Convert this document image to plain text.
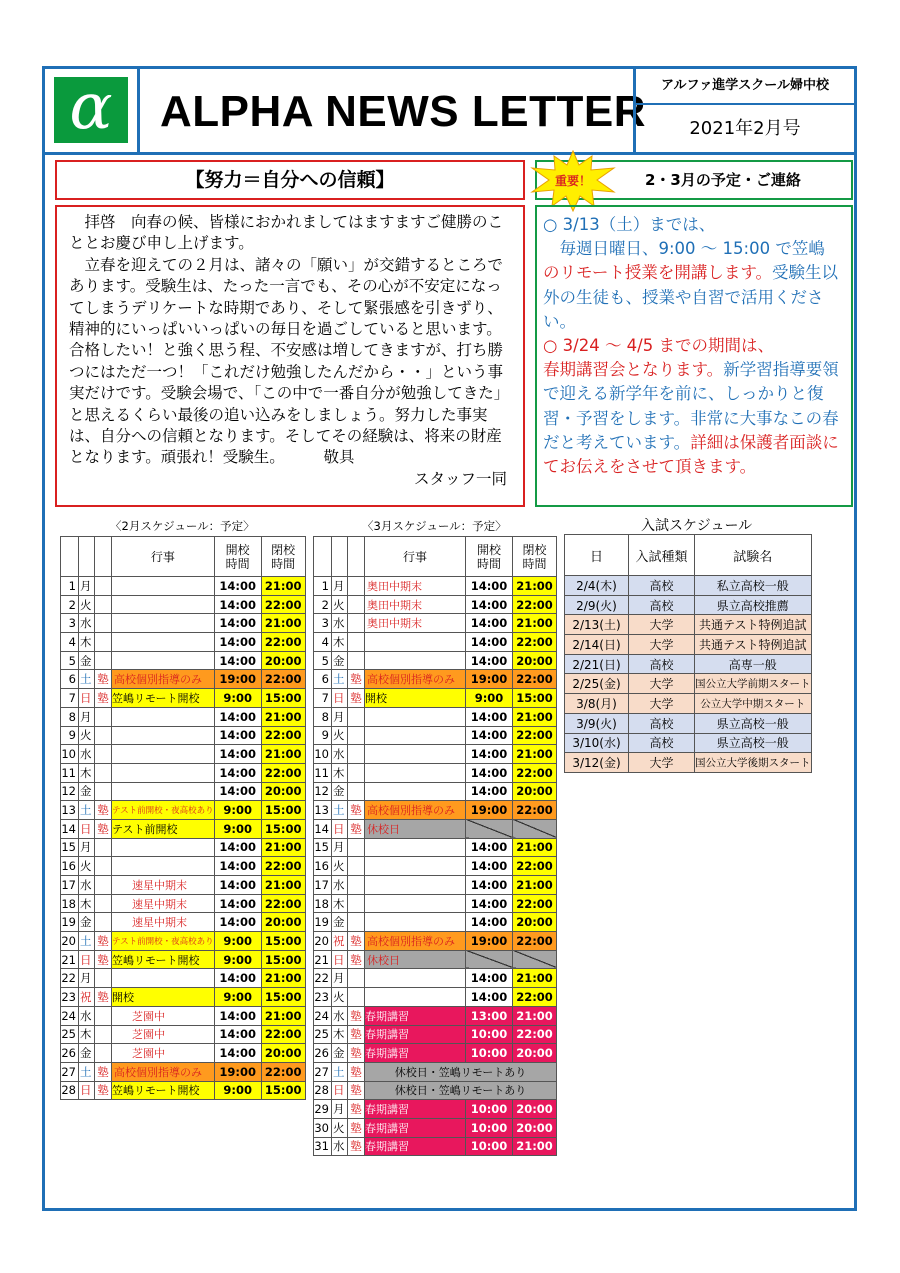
α	ALPHA NEWS LETTER
アルファ進学スクール婦中校
2021年2月号
【努力＝自分への信頼】

拝啓　向春の候、皆様におかれましてはますますご健勝のこととお慶び申し上げます。

立春を迎えての２月は、諸々の「願い」が交錯するところであります。受験生は、たった一言でも、その心が不安定になってしまうデリケートな時期であり、そして緊張感を引きずり、精神的にいっぱいいっぱいの毎日を過ごしていると思います。合格したい！と強く思う程、不安感は増してきますが、打ち勝つにはただ一つ！「これだけ勉強したんだから・・」という事実だけです。受験会場で、「この中で一番自分が勉強してきた」と思えるくらい最後の追い込みをしましょう。努力した事実は、自分への信頼となります。そしてその経験は、将来の財産となります。頑張れ！受験生。　　　敬具

スタッフ一同

2・3月の予定・ご連絡
重要！
○ 3/13（土）までは、
　毎週日曜日、9:00 ～ 15:00 で笠嶋
のリモート授業を開講します。受験生以外の生徒も、授業や自習で活用ください。
○ 3/24 ～ 4/5 までの期間は、
春期講習会となります。新学習指導要領で迎える新学年を前に、しっかりと復習・予習をします。非常に大事なこの春だと考えています。詳細は保護者面談にてお伝えをさせて頂きます。
〈2月スケジュール：予定〉	〈3月スケジュール：予定〉	入試スケジュール
			行事	開校
時間	閉校
時間
1	月			14:00	21:00
2	火			14:00	22:00
3	水			14:00	21:00
4	木			14:00	22:00
5	金			14:00	20:00
6	土	塾	高校個別指導のみ	19:00	22:00
7	日	塾	笠嶋リモート開校	9:00	15:00
8	月			14:00	21:00
9	火			14:00	22:00
10	水			14:00	21:00
11	木			14:00	22:00
12	金			14:00	20:00
13	土	塾	テスト前開校・夜高校あり	9:00	15:00
14	日	塾	テスト前開校	9:00	15:00
15	月			14:00	21:00
16	火			14:00	22:00
17	水		速星中期末	14:00	21:00
18	木		速星中期末	14:00	22:00
19	金		速星中期末	14:00	20:00
20	土	塾	テスト前開校・夜高校あり	9:00	15:00
21	日	塾	笠嶋リモート開校	9:00	15:00
22	月			14:00	21:00
23	祝	塾	開校	9:00	15:00
24	水		芝園中	14:00	21:00
25	木		芝園中	14:00	22:00
26	金		芝園中	14:00	20:00
27	土	塾	高校個別指導のみ	19:00	22:00
28	日	塾	笠嶋リモート開校	9:00	15:00
			行事	開校
時間	閉校
時間
1	月		奥田中期末	14:00	21:00
2	火		奥田中期末	14:00	22:00
3	水		奥田中期末	14:00	21:00
4	木			14:00	22:00
5	金			14:00	20:00
6	土	塾	高校個別指導のみ	19:00	22:00
7	日	塾	開校	9:00	15:00
8	月			14:00	21:00
9	火			14:00	22:00
10	水			14:00	21:00
11	木			14:00	22:00
12	金			14:00	20:00
13	土	塾	高校個別指導のみ	19:00	22:00
14	日	塾	休校日		
15	月			14:00	21:00
16	火			14:00	22:00
17	水			14:00	21:00
18	木			14:00	22:00
19	金			14:00	20:00
20	祝	塾	高校個別指導のみ	19:00	22:00
21	日	塾	休校日		
22	月			14:00	21:00
23	火			14:00	22:00
24	水	塾	春期講習	13:00	21:00
25	木	塾	春期講習	10:00	22:00
26	金	塾	春期講習	10:00	20:00
27	土	塾	休校日・笠嶋リモートあり		
28	日	塾	休校日・笠嶋リモートあり		
29	月	塾	春期講習	10:00	20:00
30	火	塾	春期講習	10:00	20:00
31	水	塾	春期講習	10:00	21:00
日	入試種類	試験名
2/4(木)	高校	私立高校一般
2/9(火)	高校	県立高校推薦
2/13(土)	大学	共通テスト特例追試
2/14(日)	大学	共通テスト特例追試
2/21(日)	高校	高専一般
2/25(金)	大学	国公立大学前期スタート
3/8(月)	大学	公立大学中期スタート
3/9(火)	高校	県立高校一般
3/10(水)	高校	県立高校一般
3/12(金)	大学	国公立大学後期スタート
